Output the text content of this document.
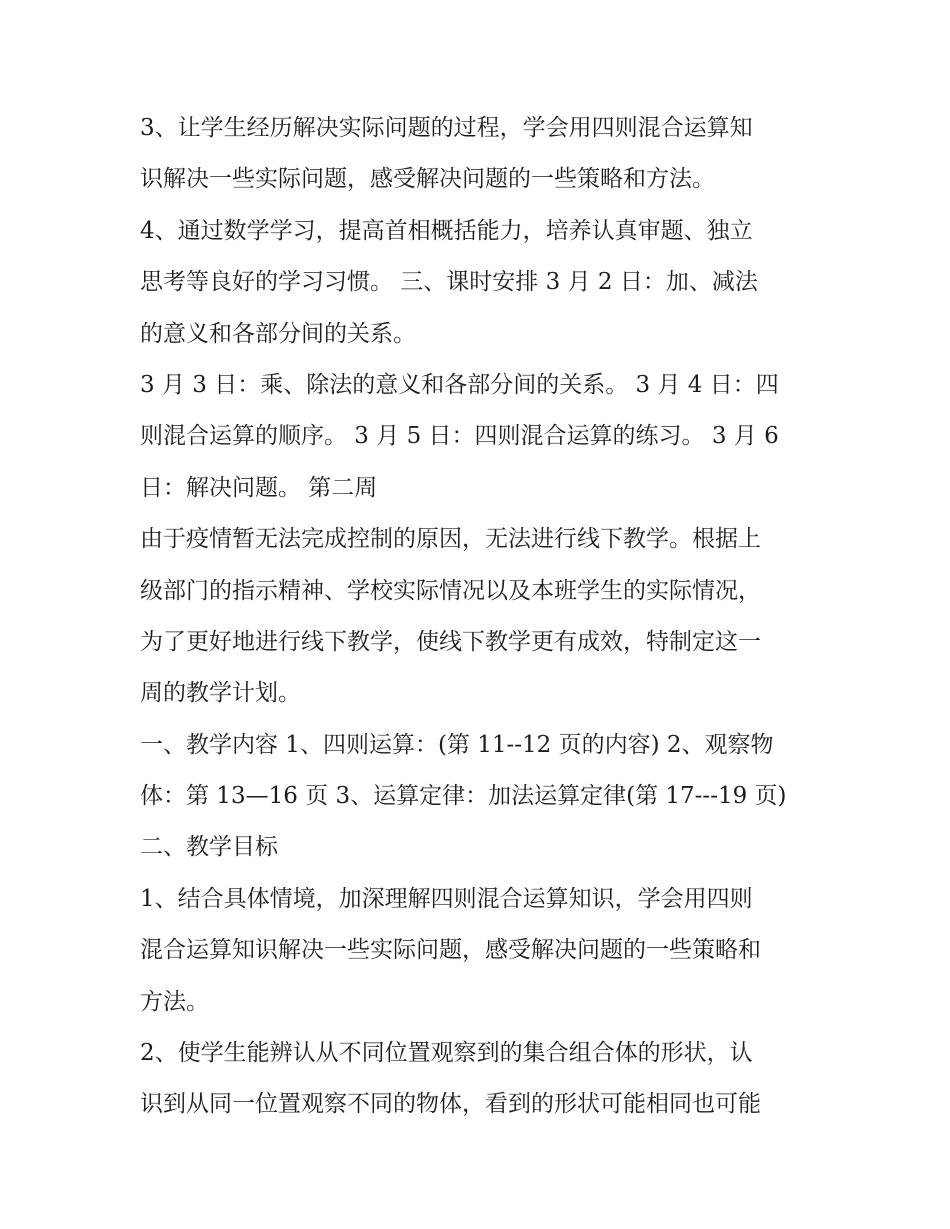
3、让学生经历解决实际问题的过程，学会用四则混合运算知
识解决一些实际问题，感受解决问题的一些策略和方法。
4、通过数学学习，提高首相概括能力，培养认真审题、独立
思考等良好的学习习惯。 三、课时安排 3 月 2 日：加、减法
的意义和各部分间的关系。
3 月 3 日：乘、除法的意义和各部分间的关系。 3 月 4 日：四
则混合运算的顺序。 3 月 5 日：四则混合运算的练习。 3 月 6
日：解决问题。 第二周
由于疫情暂无法完成控制的原因，无法进行线下教学。根据上
级部门的指示精神、学校实际情况以及本班学生的实际情况，
为了更好地进行线下教学，使线下教学更有成效，特制定这一
周的教学计划。
一、教学内容 1、四则运算：(第 11--12 页的内容) 2、观察物
体：第 13—16 页 3、运算定律：加法运算定律(第 17---19 页)
二、教学目标
1、结合具体情境，加深理解四则混合运算知识，学会用四则
混合运算知识解决一些实际问题，感受解决问题的一些策略和
方法。
2、使学生能辨认从不同位置观察到的集合组合体的形状，认
识到从同一位置观察不同的物体，看到的形状可能相同也可能
